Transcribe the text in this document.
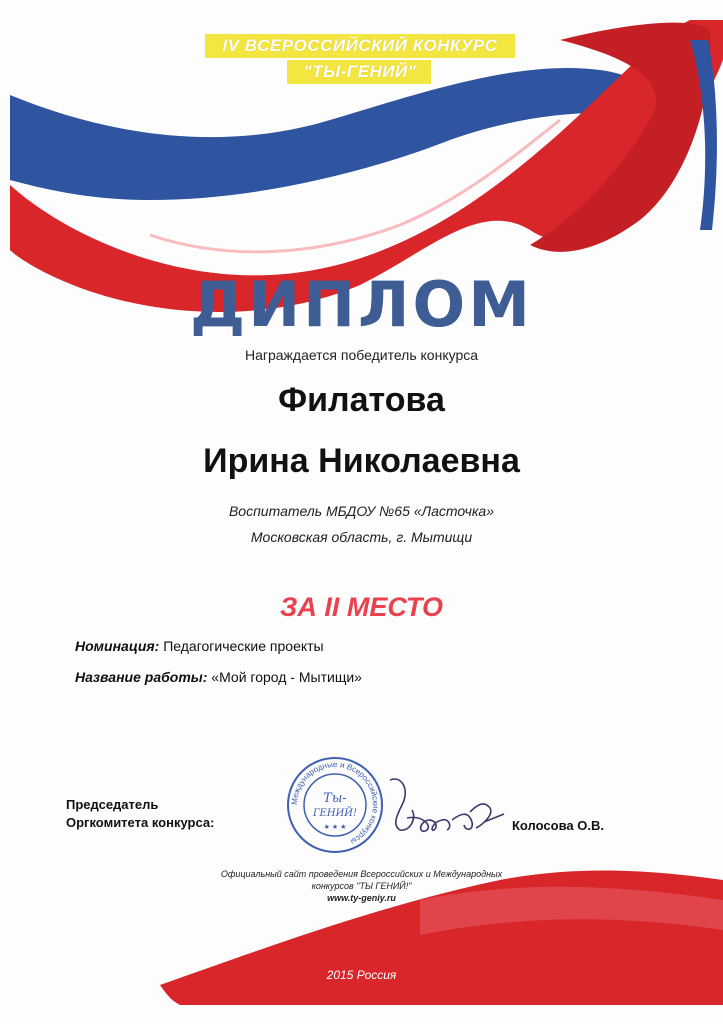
IV ВСЕРОССИЙСКИЙ КОНКУРС
"ТЫ-ГЕНИЙ"
ДИПЛОМ
Награждается победитель конкурса
Филатова
Ирина Николаевна
Воспитатель МБДОУ №65 «Ласточка»
Московская область, г. Мытищи
ЗА II МЕСТО
Номинация: Педагогические проекты
Название работы: «Мой город - Мытищи»
Председатель
Оргкомитета конкурса:
Международные и Всероссийские конкурсы
Ты-
ГЕНИЙ!
★ ★ ★	Колосова О.В.
Официальный сайт проведения Всероссийских и Международных
конкурсов "ТЫ ГЕНИЙ!"
www.ty-geniy.ru
2015 Россия
